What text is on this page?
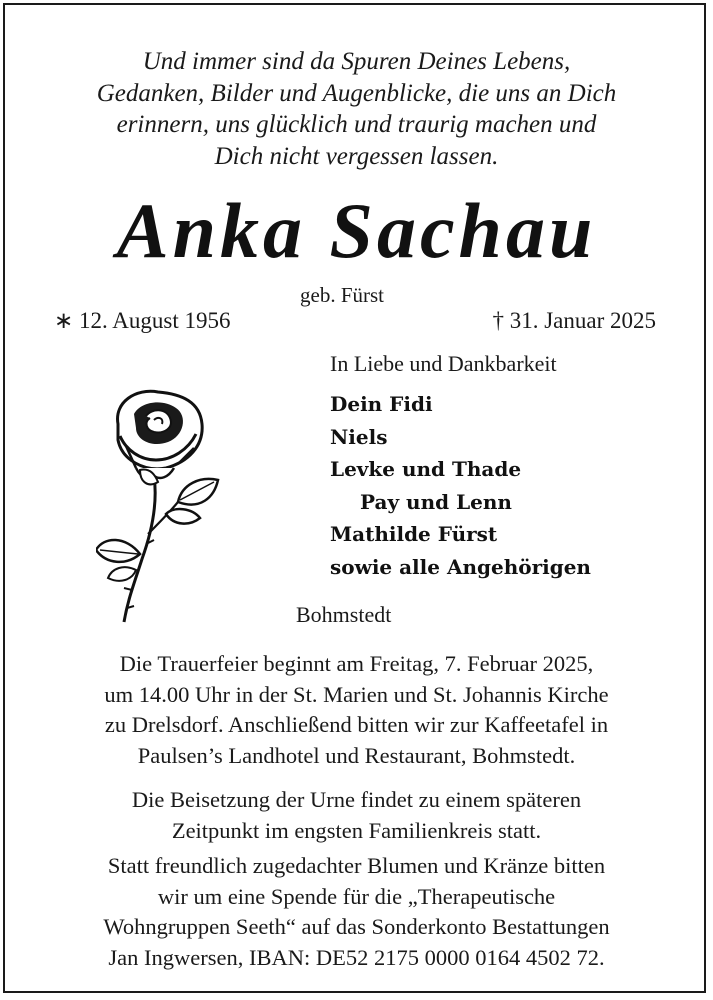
Und immer sind da Spuren Deines Lebens,
Gedanken, Bilder und Augenblicke, die uns an Dich
erinnern, uns glücklich und traurig machen und
Dich nicht vergessen lassen.
Anka Sachau
geb. Fürst
∗ 12. August 1956	† 31. Januar 2025
In Liebe und Dankbarkeit
Dein Fidi
Niels
Levke und Thade
Pay und Lenn
Mathilde Fürst
sowie alle Angehörigen
Bohmstedt
Die Trauerfeier beginnt am Freitag, 7. Februar 2025,
um 14.00 Uhr in der St. Marien und St. Johannis Kirche
zu Drelsdorf. Anschließend bitten wir zur Kaffeetafel in
Paulsen’s Landhotel und Restaurant, Bohmstedt.
Die Beisetzung der Urne findet zu einem späteren
Zeitpunkt im engsten Familienkreis statt.
Statt freundlich zugedachter Blumen und Kränze bitten
wir um eine Spende für die „Therapeutische
Wohngruppen Seeth“ auf das Sonderkonto Bestattungen
Jan Ingwersen, IBAN: DE52 2175 0000 0164 4502 72.
